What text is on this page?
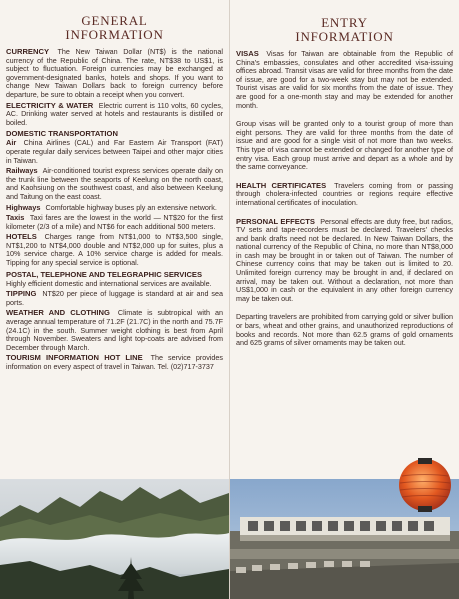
GENERAL
INFORMATION

CURRENCY The New Taiwan Dollar (NT$) is the national currency of the Republic of China. The rate, NT$38 to US$1, is subject to fluctuation. Foreign currencies may be exchanged at government-designated banks, hotels and shops. If you want to change New Taiwan Dollars back to foreign currency before departure, be sure to obtain a receipt when you convert.

ELECTRICITY & WATER Electric current is 110 volts, 60 cycles, AC. Drinking water served at hotels and restaurants is distilled or boiled.

DOMESTIC TRANSPORTATION

Air China Airlines (CAL) and Far Eastern Air Transport (FAT) operate regular daily services between Taipei and other major cities in Taiwan.

Railways Air-conditioned tourist express services operate daily on the trunk line between the seaports of Keelung on the north coast, and Kaohsiung on the southwest coast, and also between Keelung and Taitung on the east coast.

Highways Comfortable highway buses ply an extensive network.

Taxis Taxi fares are the lowest in the world — NT$20 for the first kilometer (2/3 of a mile) and NT$6 for each additional 500 meters.

HOTELS Charges range from NT$1,000 to NT$3,500 single, NT$1,200 to NT$4,000 double and NT$2,000 up for suites, plus a 10% service charge. A 10% service charge is added for meals. Tipping for any special service is optional.

POSTAL, TELEPHONE AND TELEGRAPHIC SERVICES

Highly efficient domestic and international services are available.

TIPPING NT$20 per piece of luggage is standard at air and sea ports.

WEATHER AND CLOTHING Climate is subtropical with an average annual temperature of 71.2F (21.7C) in the north and 75.7F (24.1C) in the south. Summer weight clothing is best from April through November. Sweaters and light top-coats are advised from December through March.

TOURISM INFORMATION HOT LINE The service provides information on every aspect of travel in Taiwan. Tel. (02)717-3737

ENTRY
INFORMATION

VISAS Visas for Taiwan are obtainable from the Republic of China's embassies, consulates and other accredited visa-issuing offices abroad. Transit visas are valid for three months from the date of issue, are good for a two-week stay but may not be extended. Tourist visas are valid for six months from the date of issue. They are good for a one-month stay and may be extended for another month.

Group visas will be granted only to a tourist group of more than eight persons. They are valid for three months from the date of issue and are good for a single visit of not more than two weeks. This type of visa cannot be extended or changed for another type of entry visa. Each group must arrive and depart as a whole and by the same conveyance.

HEALTH CERTIFICATES Travelers coming from or passing through cholera-infected countries or regions require effective international certificates of inoculation.

PERSONAL EFFECTS Personal effects are duty free, but radios, TV sets and tape-recorders must be declared. Travelers' checks and bank drafts need not be declared. In New Taiwan Dollars, the national currency of the Republic of China, no more than NT$8,000 in cash may be brought in or taken out of Taiwan. The number of Chinese currency coins that may be taken out is limited to 20. Unlimited foreign currency may be brought in and, if declared on arrival, may be taken out. Without a declaration, not more than US$1,000 in cash or the equivalent in any other foreign currency may be taken out.

Departing travelers are prohibited from carrying gold or silver bullion or bars, wheat and other grains, and unauthorized reproductions of books and records. Not more than 62.5 grams of gold ornaments and 625 grams of silver ornaments may be taken out.
